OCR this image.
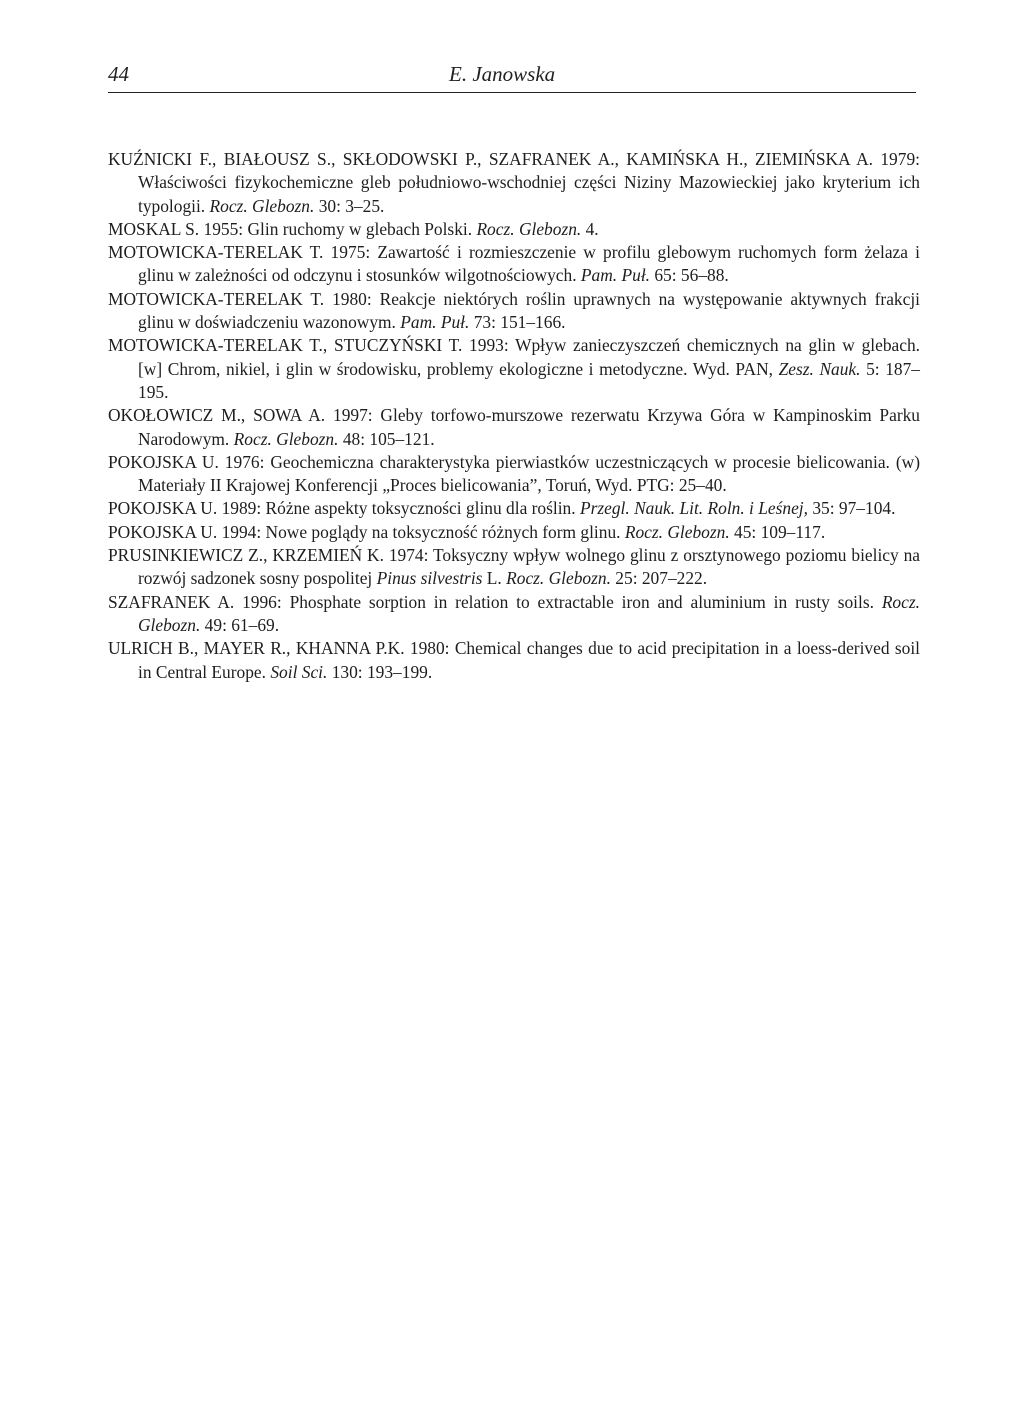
44	E. Janowska
KUŹNICKI F., BIAŁOUSZ S., SKŁODOWSKI P., SZAFRANEK A., KAMIŃSKA H., ZIEMIŃSKA A. 1979: Właściwości fizykochemiczne gleb południowo-wschodniej części Niziny Mazowieckiej jako kryterium ich typologii. Rocz. Glebozn. 30: 3–25.
MOSKAL S. 1955: Glin ruchomy w glebach Polski. Rocz. Glebozn. 4.
MOTOWICKA-TERELAK T. 1975: Zawartość i rozmieszczenie w profilu glebowym ruchomych form żelaza i glinu w zależności od odczynu i stosunków wilgotnościowych. Pam. Puł. 65: 56–88.
MOTOWICKA-TERELAK T. 1980: Reakcje niektórych roślin uprawnych na występowanie aktywnych frakcji glinu w doświadczeniu wazonowym. Pam. Puł. 73: 151–166.
MOTOWICKA-TERELAK T., STUCZYŃSKI T. 1993: Wpływ zanieczyszczeń chemicznych na glin w glebach. [w] Chrom, nikiel, i glin w środowisku, problemy ekologiczne i metodyczne. Wyd. PAN, Zesz. Nauk. 5: 187–195.
OKOŁOWICZ M., SOWA A. 1997: Gleby torfowo-murszowe rezerwatu Krzywa Góra w Kampinoskim Parku Narodowym. Rocz. Glebozn. 48: 105–121.
POKOJSKA U. 1976: Geochemiczna charakterystyka pierwiastków uczestniczących w procesie bielicowania. (w) Materiały II Krajowej Konferencji „Proces bielicowania”, Toruń, Wyd. PTG: 25–40.
POKOJSKA U. 1989: Różne aspekty toksyczności glinu dla roślin. Przegl. Nauk. Lit. Roln. i Leśnej, 35: 97–104.
POKOJSKA U. 1994: Nowe poglądy na toksyczność różnych form glinu. Rocz. Glebozn. 45: 109–117.
PRUSINKIEWICZ Z., KRZEMIEŃ K. 1974: Toksyczny wpływ wolnego glinu z orsztynowego poziomu bielicy na rozwój sadzonek sosny pospolitej Pinus silvestris L. Rocz. Glebozn. 25: 207–222.
SZAFRANEK A. 1996: Phosphate sorption in relation to extractable iron and aluminium in rusty soils. Rocz. Glebozn. 49: 61–69.
ULRICH B., MAYER R., KHANNA P.K. 1980: Chemical changes due to acid precipitation in a loess-derived soil in Central Europe. Soil Sci. 130: 193–199.
